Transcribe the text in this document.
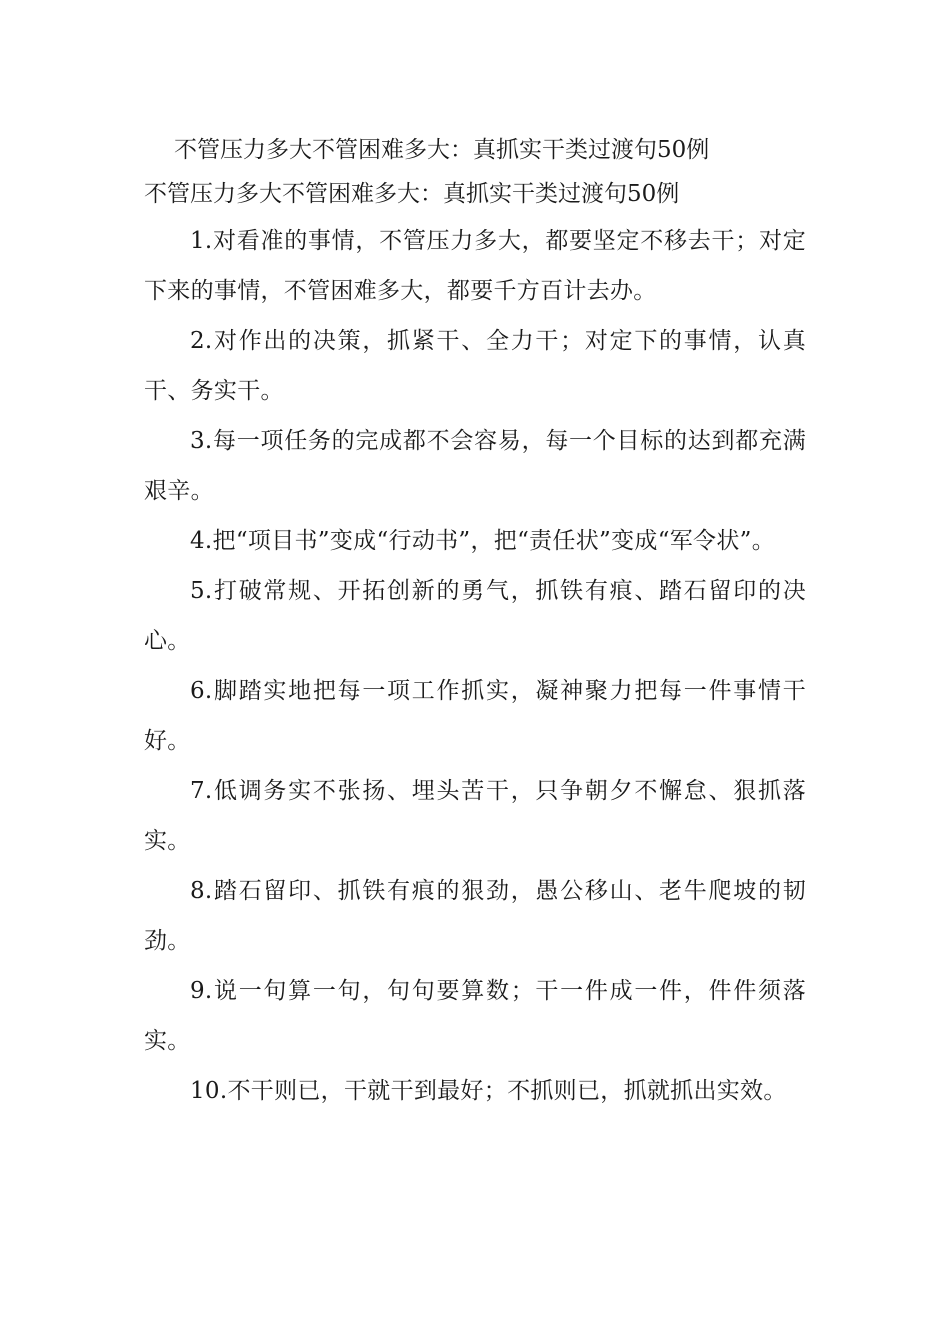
不管压力多大不管困难多大：真抓实干类过渡句50例

不管压力多大不管困难多大：真抓实干类过渡句50例

1.对看准的事情，不管压力多大，都要坚定不移去干；对定下来的事情，不管困难多大，都要千方百计去办。

2.对作出的决策，抓紧干、全力干；对定下的事情，认真干、务实干。

3.每一项任务的完成都不会容易，每一个目标的达到都充满艰辛。

4.把“项目书”变成“行动书”，把“责任状”变成“军令状”。

5.打破常规、开拓创新的勇气，抓铁有痕、踏石留印的决心。

6.脚踏实地把每一项工作抓实，凝神聚力把每一件事情干好。

7.低调务实不张扬、埋头苦干，只争朝夕不懈怠、狠抓落实。

8.踏石留印、抓铁有痕的狠劲，愚公移山、老牛爬坡的韧劲。

9.说一句算一句，句句要算数；干一件成一件，件件须落实。

10.不干则已，干就干到最好；不抓则已，抓就抓出实效。
